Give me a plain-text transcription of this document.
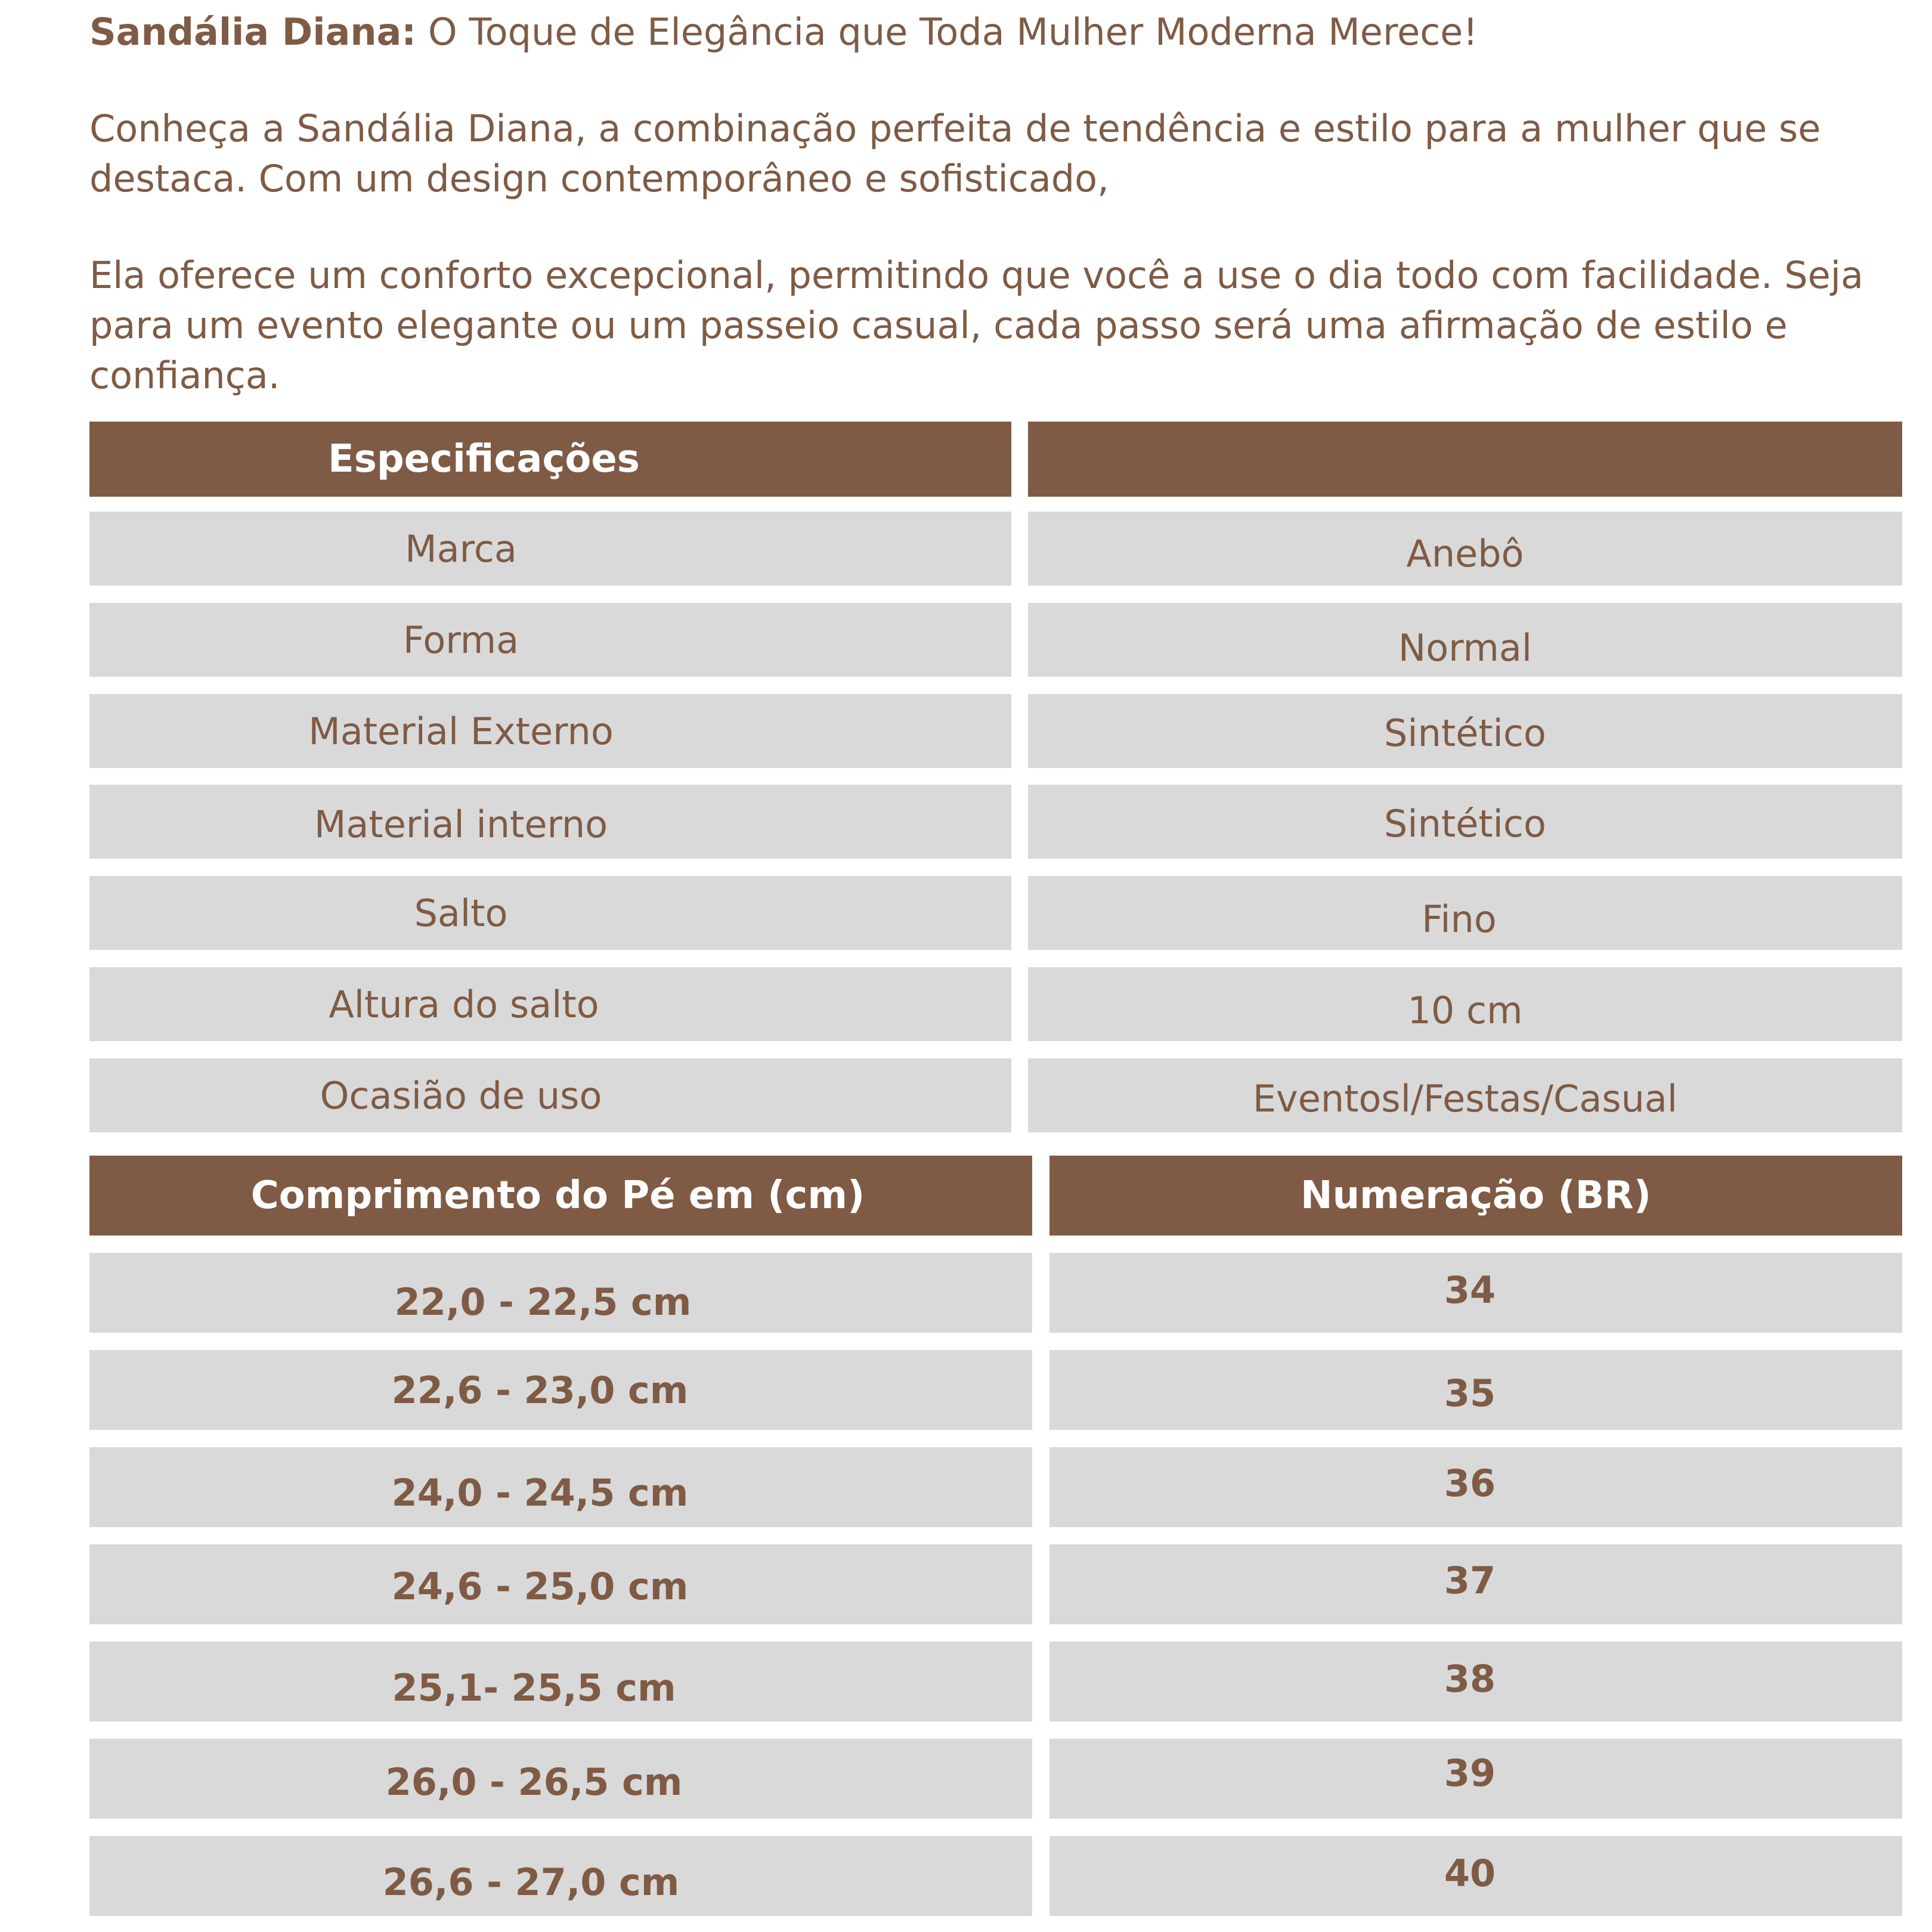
Sandália Diana: O Toque de Elegância que Toda Mulher Moderna Merece!

Conheça a Sandália Diana, a combinação perfeita de tendência e estilo para a mulher que se
destaca. Com um design contemporâneo e sofisticado,

Ela oferece um conforto excepcional, permitindo que você a use o dia todo com facilidade. Seja
para um evento elegante ou um passeio casual, cada passo será uma afirmação de estilo e
confiança.

Especificações
Marca	Anebô
Forma	Normal
Material Externo	Sintético
Material interno	Sintético
Salto	Fino
Altura do salto	10 cm
Ocasião de uso	Eventosl/Festas/Casual
Comprimento do Pé em (cm)	Numeração (BR)
22,0 - 22,5 cm	34
22,6 - 23,0 cm	35
24,0 - 24,5 cm	36
24,6 - 25,0 cm	37
25,1- 25,5 cm	38
26,0 - 26,5 cm	39
26,6 - 27,0 cm	40
